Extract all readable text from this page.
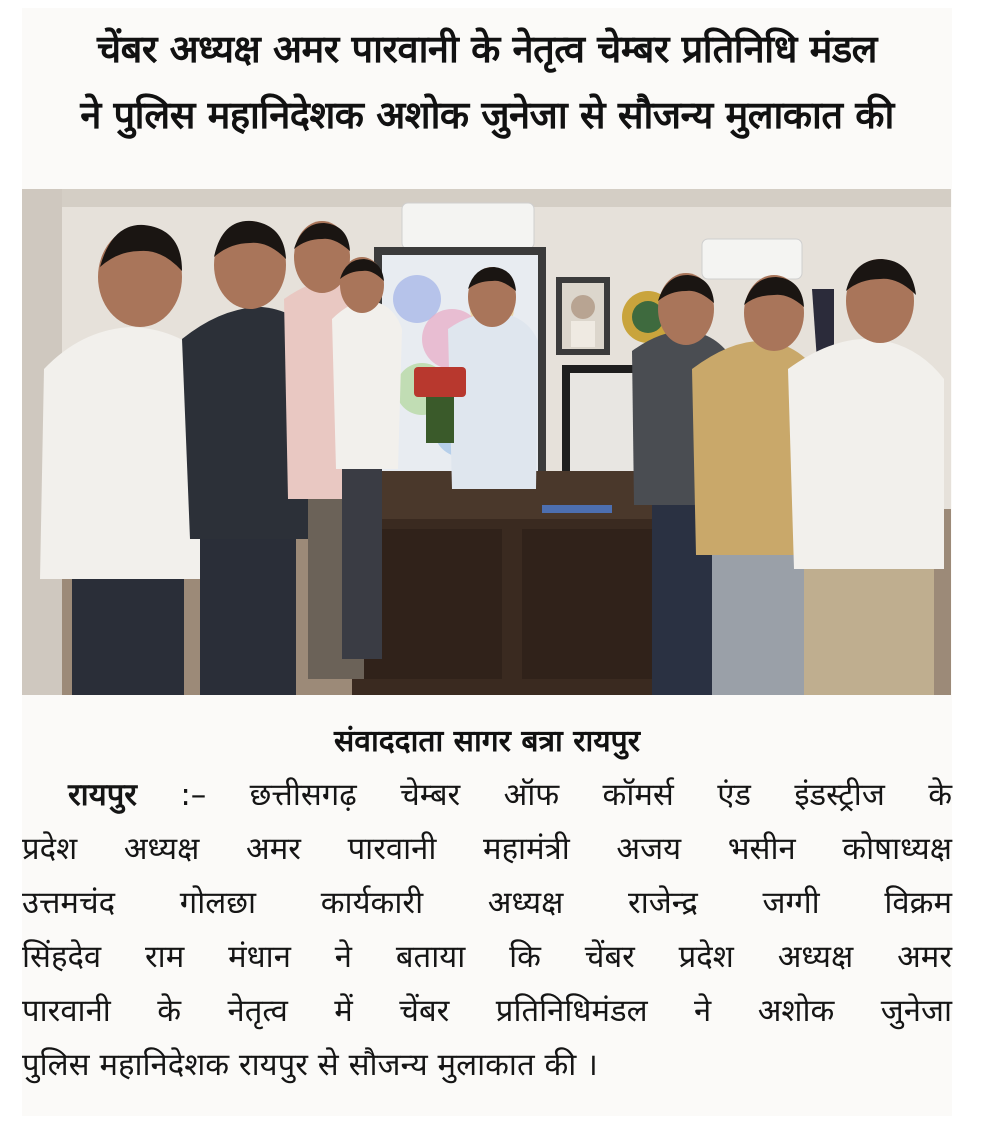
चेंबर अध्यक्ष अमर पारवानी के नेतृत्व चेम्बर प्रतिनिधि मंडल
ने पुलिस महानिदेशक अशोक जुनेजा से सौजन्य मुलाकात की

संवाददाता सागर बत्रा रायपुर

रायपुर :– छत्तीसगढ़ चेम्बर ऑफ कॉमर्स एंड इंडस्ट्रीज के
प्रदेश अध्यक्ष अमर पारवानी महामंत्री अजय भसीन कोषाध्यक्ष
उत्तमचंद गोलछा कार्यकारी अध्यक्ष राजेन्द्र जग्गी विक्रम
सिंहदेव राम मंधान ने बताया कि चेंबर प्रदेश अध्यक्ष अमर
पारवानी के नेतृत्व में चेंबर प्रतिनिधिमंडल ने अशोक जुनेजा
पुलिस महानिदेशक रायपुर से सौजन्य मुलाकात की ।
